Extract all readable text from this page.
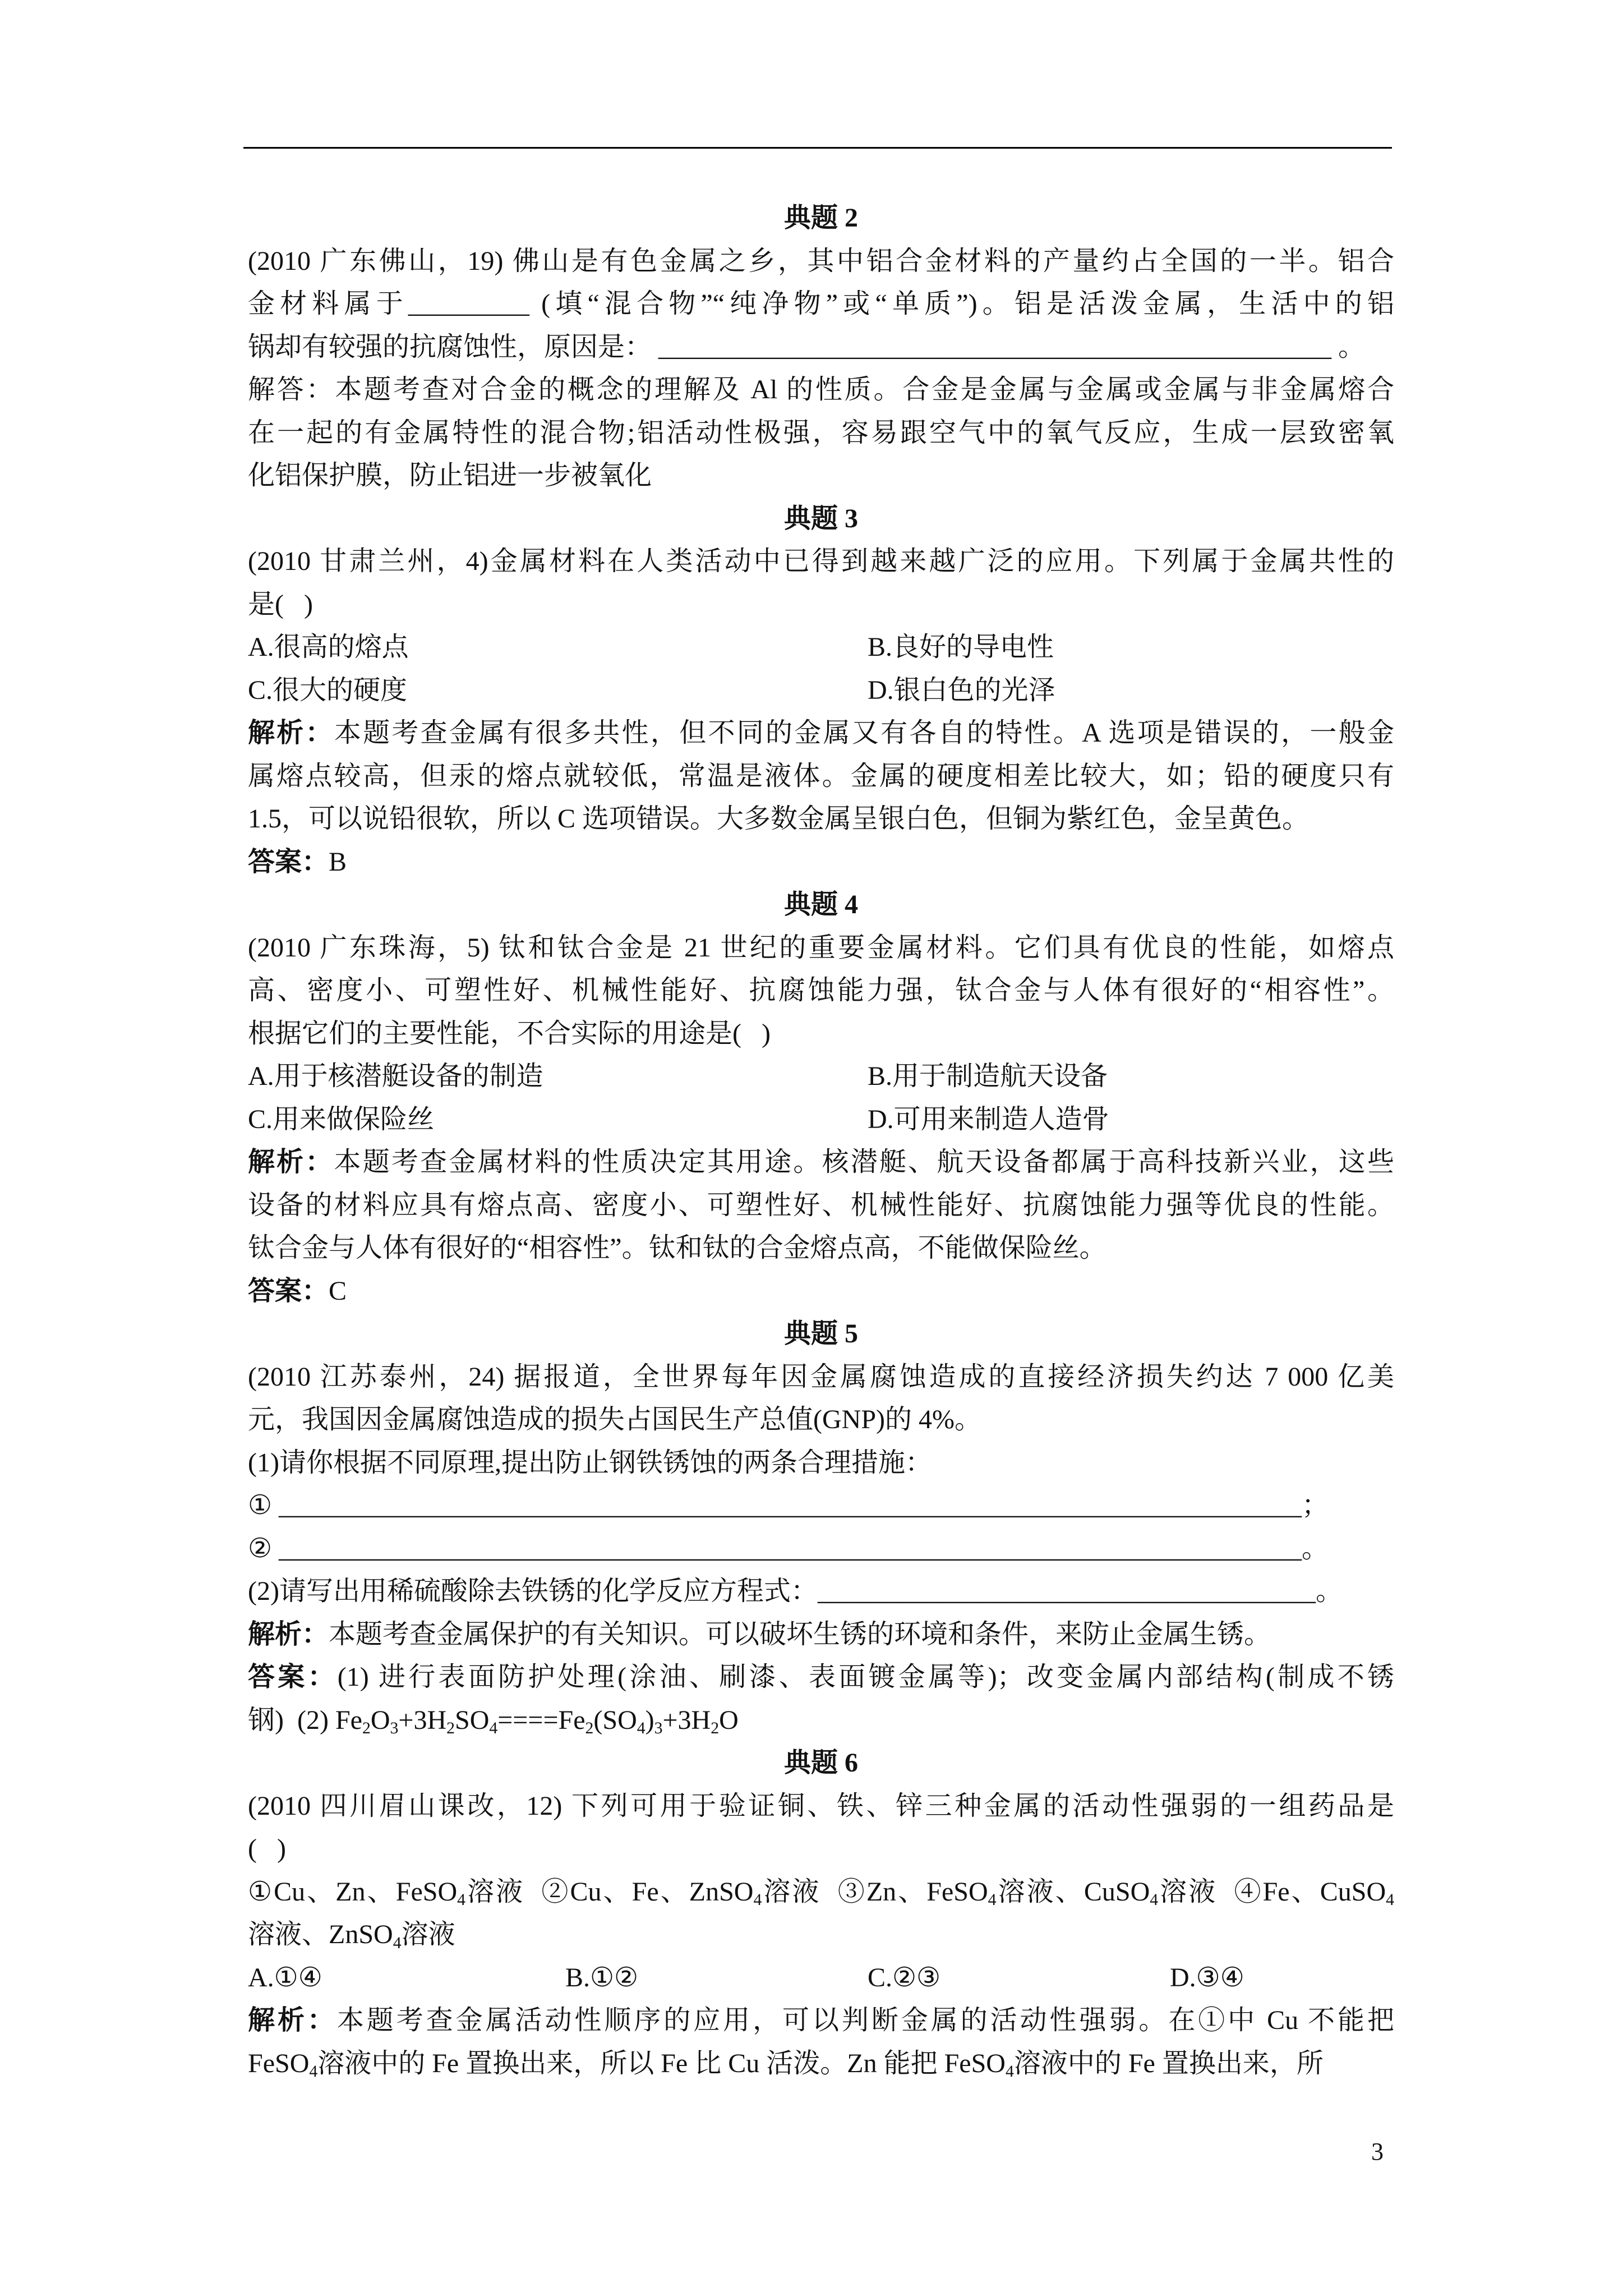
典题 2
(2010 广东佛山，19) 佛山是有色金属之乡，其中铝合金材料的产量约占全国的一半。铝合
金材料属于_________ (填“混合物”“纯净物”或“单质”)。铝是活泼金属，生活中的铝
锅却有较强的抗腐蚀性，原因是： __________________________________________________ 。
解答：本题考查对合金的概念的理解及 Al 的性质。合金是金属与金属或金属与非金属熔合
在一起的有金属特性的混合物;铝活动性极强，容易跟空气中的氧气反应，生成一层致密氧
化铝保护膜，防止铝进一步被氧化
典题 3
(2010 甘肃兰州，4)金属材料在人类活动中已得到越来越广泛的应用。下列属于金属共性的
是(   )
A.很高的熔点	B.良好的导电性
C.很大的硬度	D.银白色的光泽
解析：本题考查金属有很多共性，但不同的金属又有各自的特性。A 选项是错误的，一般金
属熔点较高，但汞的熔点就较低，常温是液体。金属的硬度相差比较大，如；铅的硬度只有
1.5，可以说铅很软，所以 C 选项错误。大多数金属呈银白色，但铜为紫红色，金呈黄色。
答案：B
典题 4
(2010 广东珠海，5) 钛和钛合金是 21 世纪的重要金属材料。它们具有优良的性能，如熔点
高、密度小、可塑性好、机械性能好、抗腐蚀能力强，钛合金与人体有很好的“相容性”。
根据它们的主要性能，不合实际的用途是(   )
A.用于核潜艇设备的制造	B.用于制造航天设备
C.用来做保险丝	D.可用来制造人造骨
解析：本题考查金属材料的性质决定其用途。核潜艇、航天设备都属于高科技新兴业，这些
设备的材料应具有熔点高、密度小、可塑性好、机械性能好、抗腐蚀能力强等优良的性能。
钛合金与人体有很好的“相容性”。钛和钛的合金熔点高，不能做保险丝。
答案：C
典题 5
(2010 江苏泰州，24) 据报道，全世界每年因金属腐蚀造成的直接经济损失约达 7 000 亿美
元，我国因金属腐蚀造成的损失占国民生产总值(GNP)的 4%。
(1)请你根据不同原理,提出防止钢铁锈蚀的两条合理措施：
① ____________________________________________________________________________；
② ____________________________________________________________________________。
(2)请写出用稀硫酸除去铁锈的化学反应方程式：_____________________________________。
解析：本题考查金属保护的有关知识。可以破坏生锈的环境和条件，来防止金属生锈。
答案：(1) 进行表面防护处理(涂油、刷漆、表面镀金属等)；改变金属内部结构(制成不锈
钢)  (2) Fe2O3+3H2SO4====Fe2(SO4)3+3H2O
典题 6
(2010 四川眉山课改，12) 下列可用于验证铜、铁、锌三种金属的活动性强弱的一组药品是
(   )
①Cu、Zn、FeSO4溶液  ②Cu、Fe、ZnSO4溶液  ③Zn、FeSO4溶液、CuSO4溶液  ④Fe、CuSO4
溶液、ZnSO4溶液
A.①④	B.①②	C.②③	D.③④
解析：本题考查金属活动性顺序的应用，可以判断金属的活动性强弱。在①中 Cu 不能把
FeSO4溶液中的 Fe 置换出来，所以 Fe 比 Cu 活泼。Zn 能把 FeSO4溶液中的 Fe 置换出来，所
3
